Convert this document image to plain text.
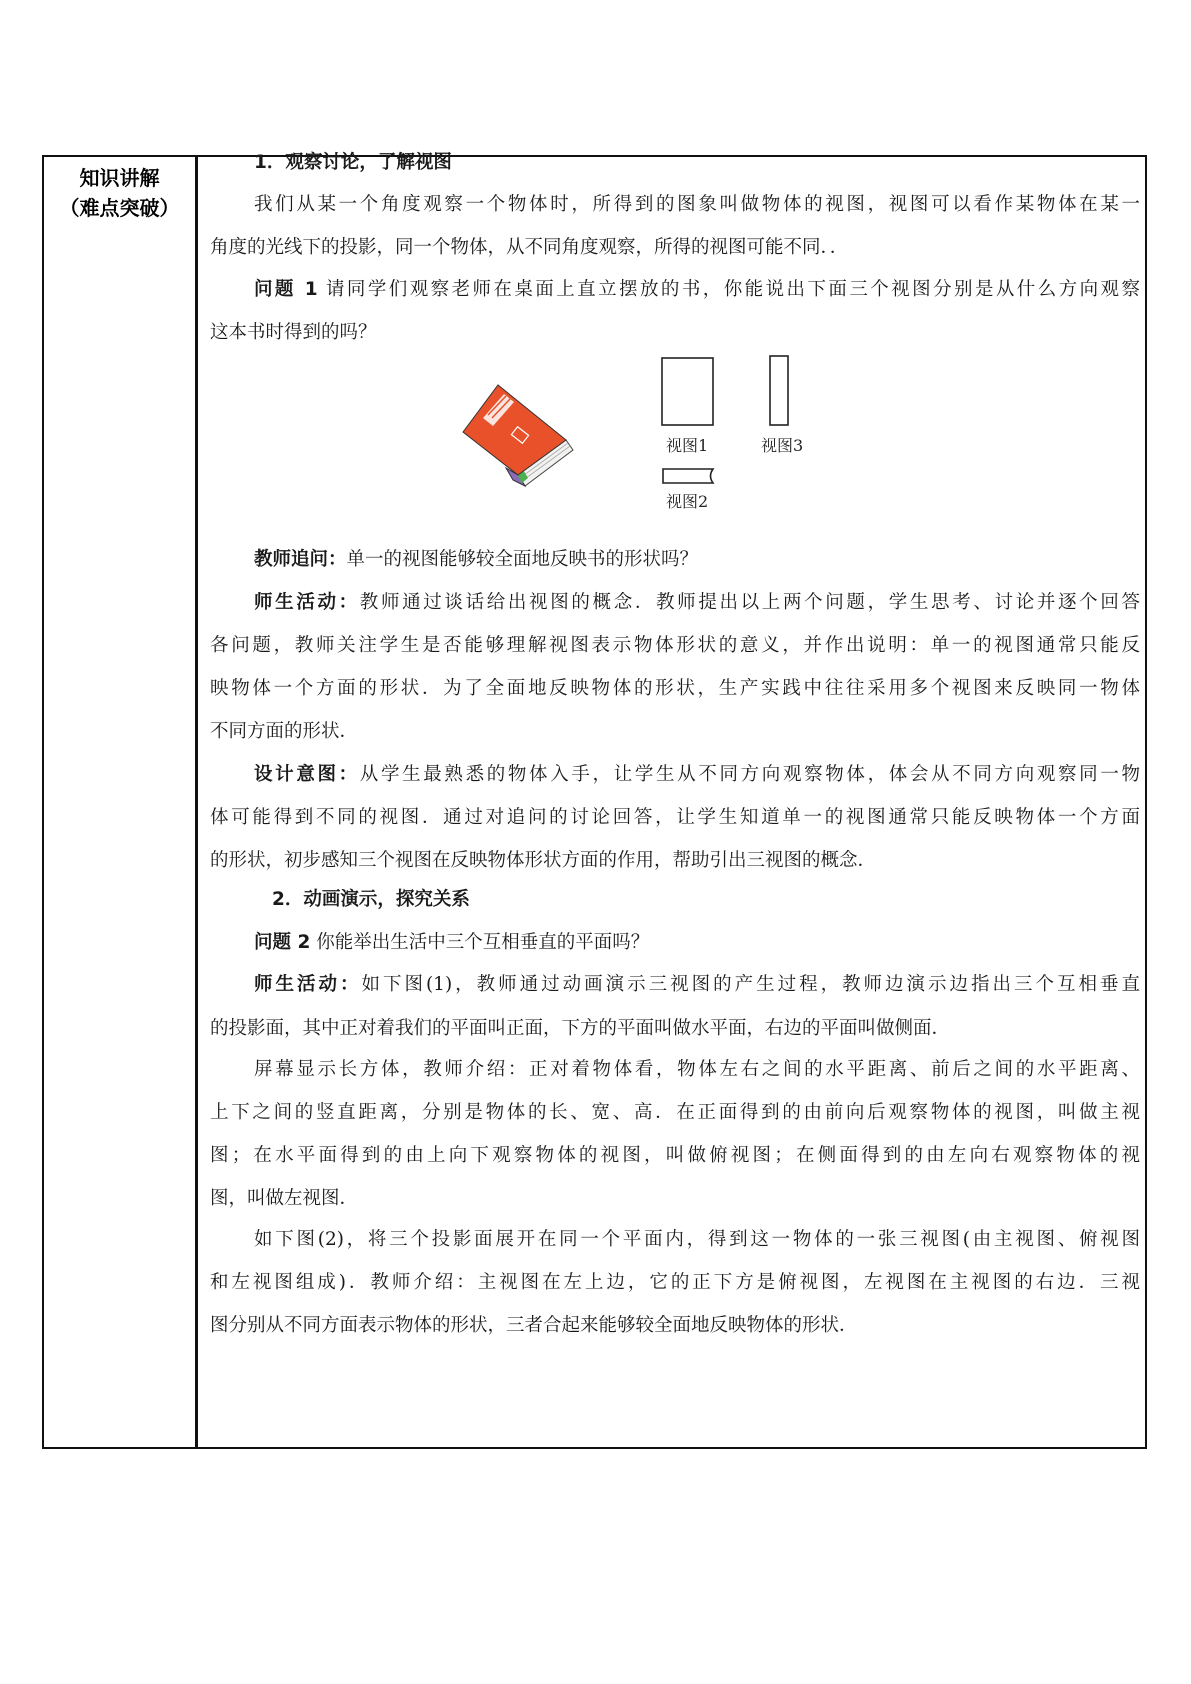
知识讲解
（难点突破）
1．观察讨论，了解视图
我们从某一个角度观察一个物体时，所得到的图象叫做物体的视图，视图可以看作某物体在某一
角度的光线下的投影，同一个物体，从不同角度观察，所得的视图可能不同．．
问题 1 请同学们观察老师在桌面上直立摆放的书，你能说出下面三个视图分别是从什么方向观察
这本书时得到的吗？
教师追问：单一的视图能够较全面地反映书的形状吗？
师生活动：教师通过谈话给出视图的概念．教师提出以上两个问题，学生思考、讨论并逐个回答
各问题，教师关注学生是否能够理解视图表示物体形状的意义，并作出说明：单一的视图通常只能反
映物体一个方面的形状．为了全面地反映物体的形状，生产实践中往往采用多个视图来反映同一物体
不同方面的形状．
设计意图：从学生最熟悉的物体入手，让学生从不同方向观察物体，体会从不同方向观察同一物
体可能得到不同的视图．通过对追问的讨论回答，让学生知道单一的视图通常只能反映物体一个方面
的形状，初步感知三个视图在反映物体形状方面的作用，帮助引出三视图的概念．
2．动画演示，探究关系
问题 2 你能举出生活中三个互相垂直的平面吗？
师生活动：如下图(1)，教师通过动画演示三视图的产生过程，教师边演示边指出三个互相垂直
的投影面，其中正对着我们的平面叫正面，下方的平面叫做水平面，右边的平面叫做侧面．
屏幕显示长方体，教师介绍：正对着物体看，物体左右之间的水平距离、前后之间的水平距离、
上下之间的竖直距离，分别是物体的长、宽、高．在正面得到的由前向后观察物体的视图，叫做主视
图；在水平面得到的由上向下观察物体的视图，叫做俯视图；在侧面得到的由左向右观察物体的视
图，叫做左视图．
如下图(2)，将三个投影面展开在同一个平面内，得到这一物体的一张三视图(由主视图、俯视图
和左视图组成)．教师介绍：主视图在左上边，它的正下方是俯视图，左视图在主视图的右边．三视
图分别从不同方面表示物体的形状，三者合起来能够较全面地反映物体的形状．
视图1	视图3
视图2
